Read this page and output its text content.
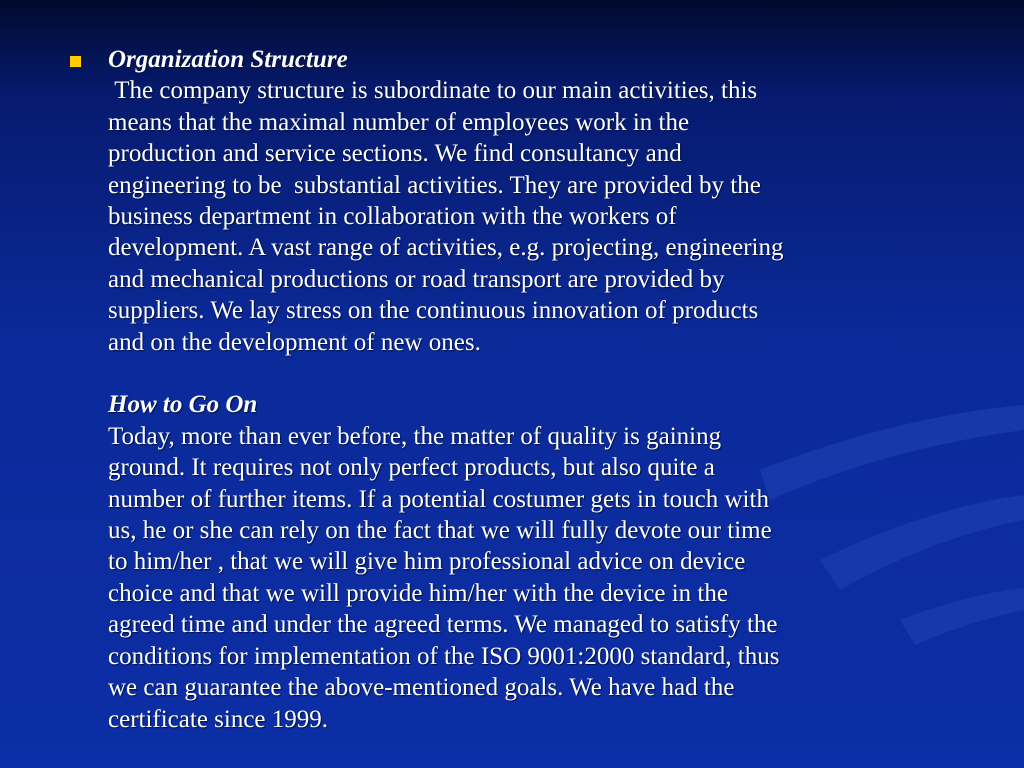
Organization Structure
The company structure is subordinate to our main activities, this
means that the maximal number of employees work in the
production and service sections. We find consultancy and
engineering to be  substantial activities. They are provided by the
business department in collaboration with the workers of
development. A vast range of activities, e.g. projecting, engineering
and mechanical productions or road transport are provided by
suppliers. We lay stress on the continuous innovation of products
and on the development of new ones.
How to Go On
Today, more than ever before, the matter of quality is gaining
ground. It requires not only perfect products, but also quite a
number of further items. If a potential costumer gets in touch with
us, he or she can rely on the fact that we will fully devote our time
to him/her , that we will give him professional advice on device
choice and that we will provide him/her with the device in the
agreed time and under the agreed terms. We managed to satisfy the
conditions for implementation of the ISO 9001:2000 standard, thus
we can guarantee the above-mentioned goals. We have had the
certificate since 1999.
